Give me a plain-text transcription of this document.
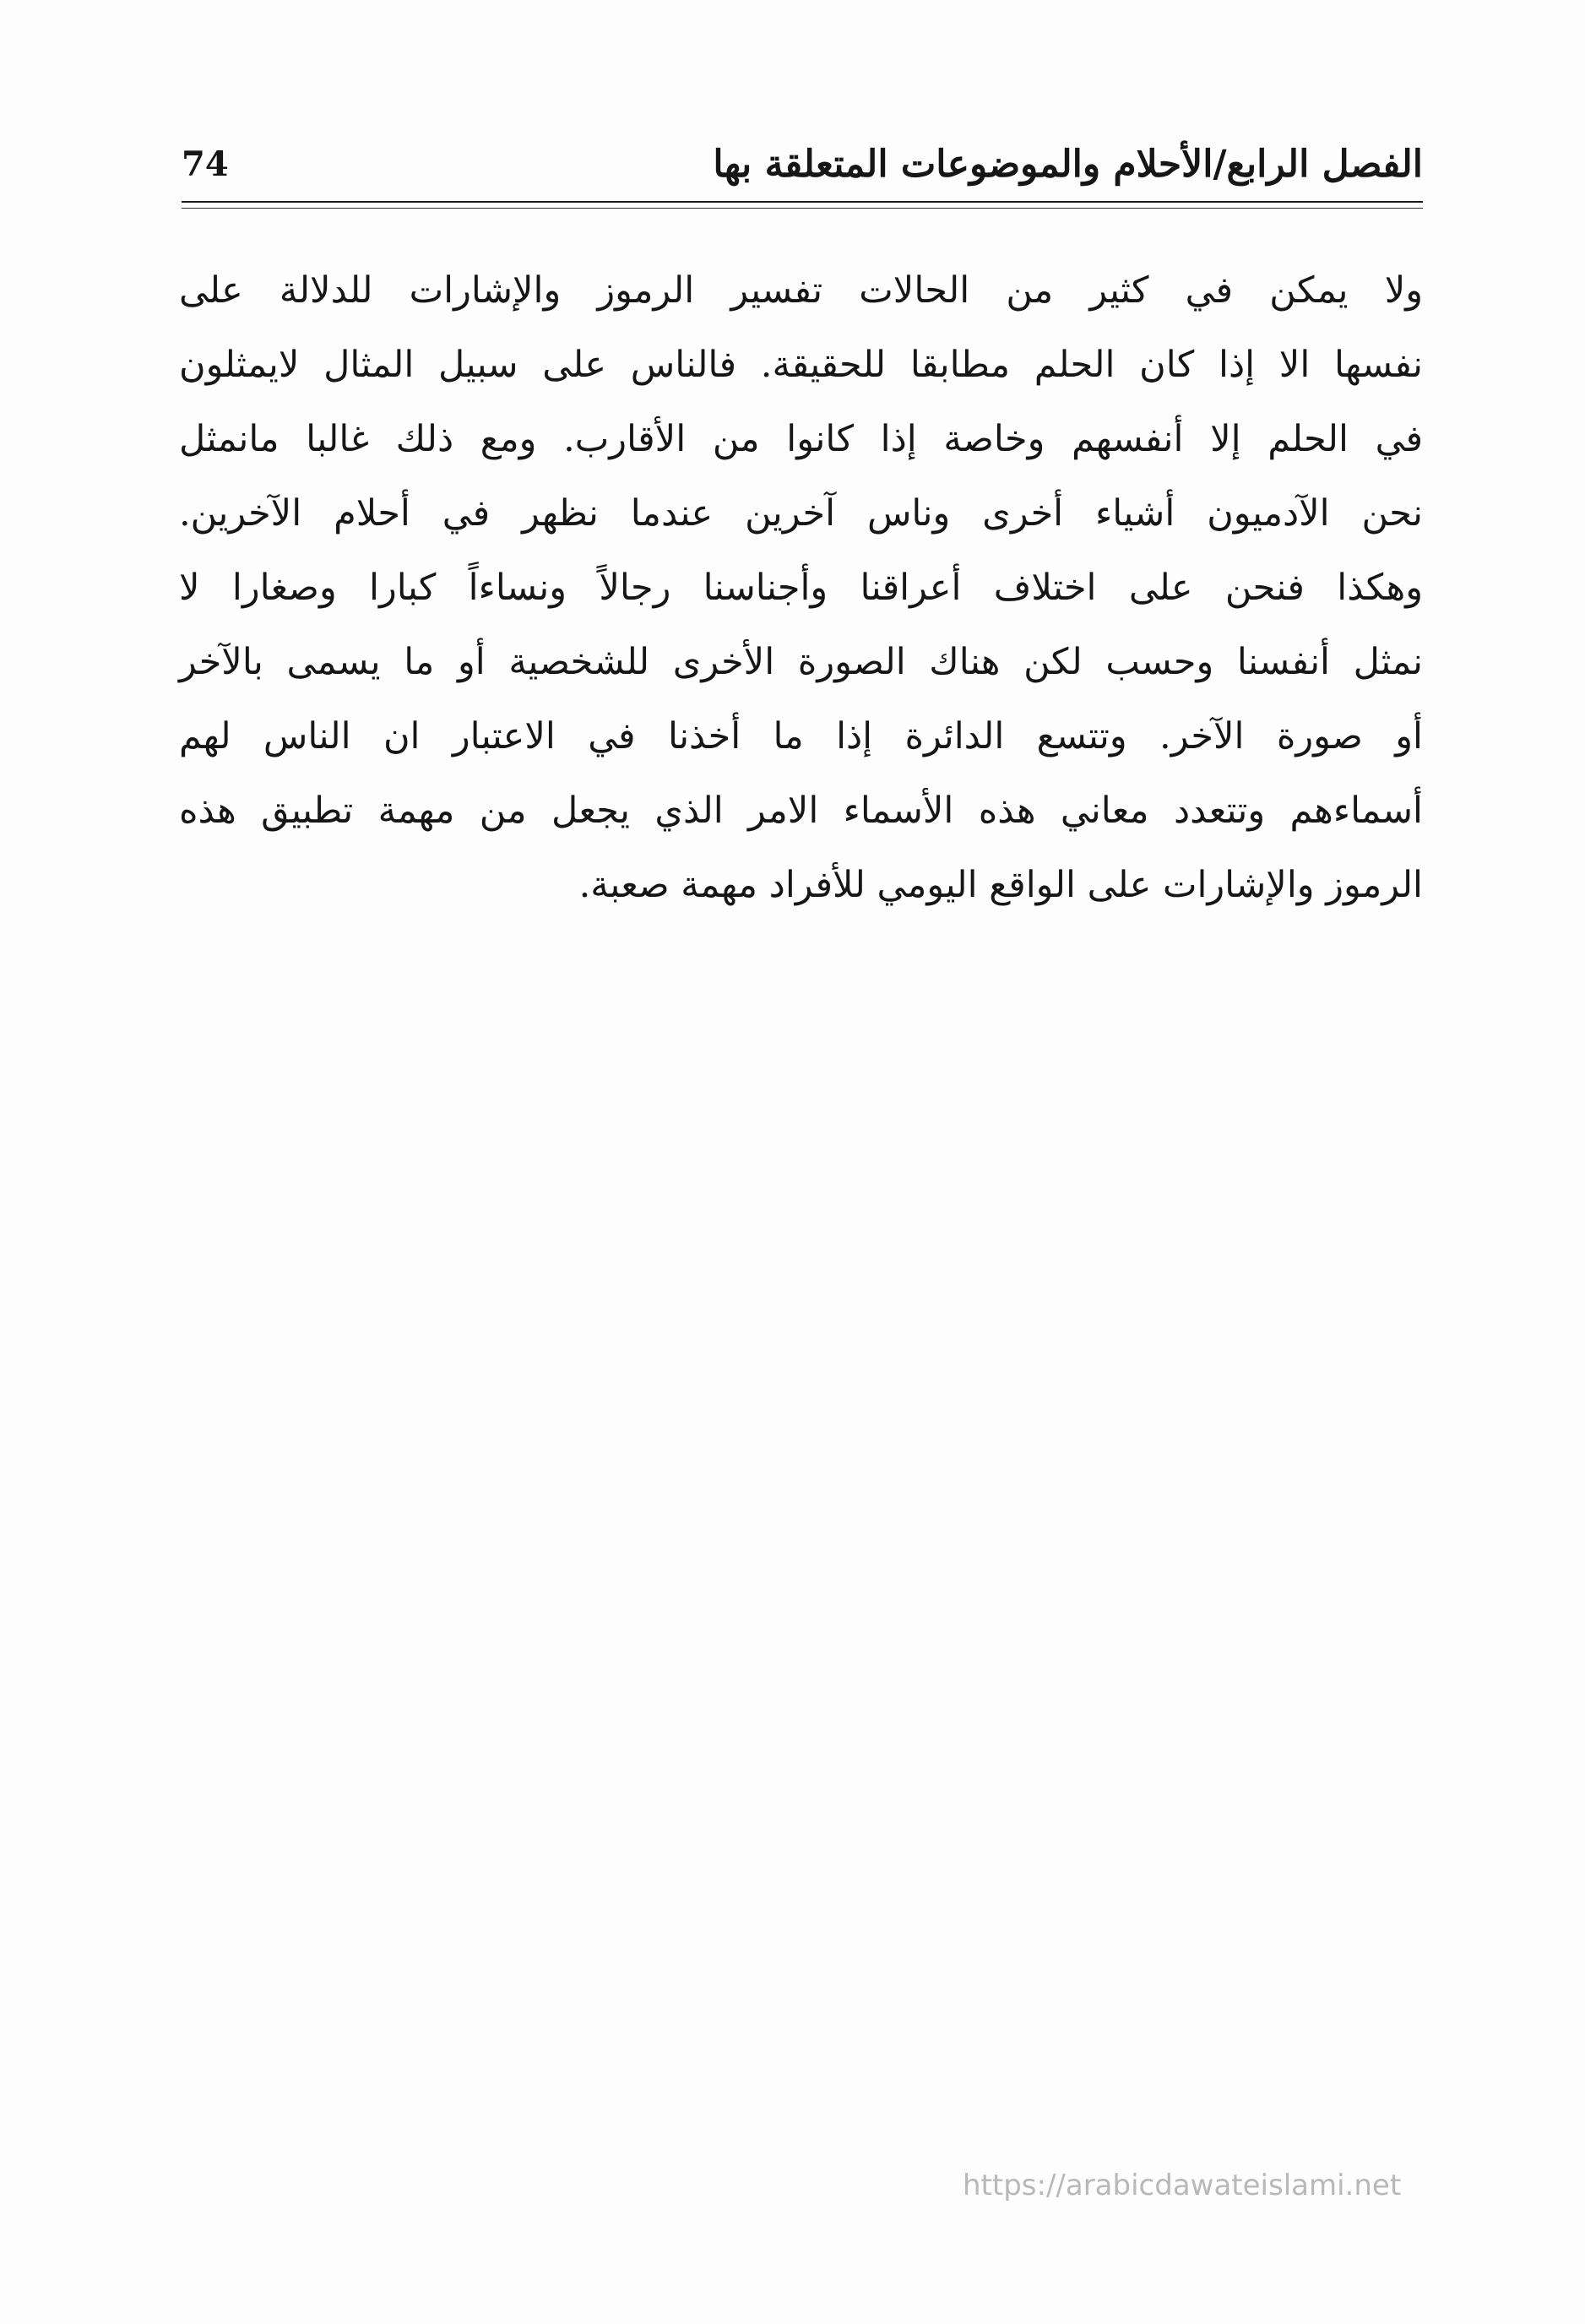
الفصل الرابع/الأحلام والموضوعات المتعلقة بها
74
ولا يمكن في كثير من الحالات تفسير الرموز والإشارات للدلالة على
نفسها الا إذا كان الحلم مطابقا للحقيقة. فالناس على سبيل المثال لايمثلون
في الحلم إلا أنفسهم وخاصة إذا كانوا من الأقارب. ومع ذلك غالبا مانمثل
نحن الآدميون أشياء أخرى وناس آخرين عندما نظهر في أحلام الآخرين.
وهكذا فنحن على اختلاف أعراقنا وأجناسنا رجالاً ونساءاً كبارا وصغارا لا
نمثل أنفسنا وحسب لكن هناك الصورة الأخرى للشخصية أو ما يسمى بالآخر
أو صورة الآخر. وتتسع الدائرة إذا ما أخذنا في الاعتبار ان الناس لهم
أسماءهم وتتعدد معاني هذه الأسماء الامر الذي يجعل من مهمة تطبيق هذه
الرموز والإشارات على الواقع اليومي للأفراد مهمة صعبة.
https://arabicdawateislami.net
